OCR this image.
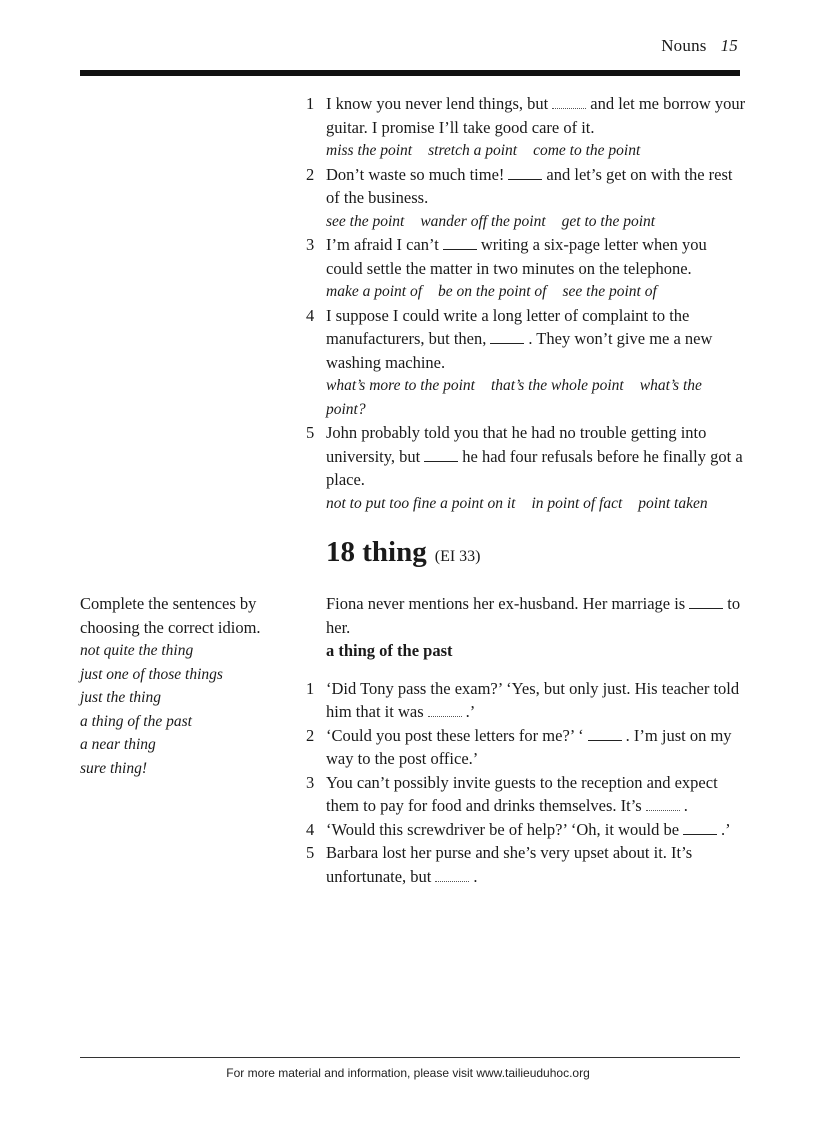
Nouns 15
1 I know you never lend things, but	and let me borrow your guitar. I promise I’ll take good care of it.
miss the point stretch a point come to the point
2 Don’t waste so much time!	and let’s get on with the rest of the business.
see the point wander off the point get to the point
3 I’m afraid I can’t	writing a six-page letter when you could settle the matter in two minutes on the telephone.
make a point of be on the point of see the point of
4 I suppose I could write a long letter of complaint to the manufacturers, but then,	. They won’t give me a new washing machine.
what’s more to the point that’s the whole point what’s the point?
5 John probably told you that he had no trouble getting into university, but	he had four refusals before he finally got a place.
not to put too fine a point on it in point of fact point taken
18 thing (EI 33)
Fiona never mentions her ex-husband. Her marriage is	to her.
a thing of the past
1 ‘Did Tony pass the exam?’ ‘Yes, but only just. His teacher told him that it was	.’
2 ‘Could you post these letters for me?’ ‘	. I’m just on my way to the post office.’
3 You can’t possibly invite guests to the reception and expect them to pay for food and drinks themselves. It’s	.
4 ‘Would this screwdriver be of help?’ ‘Oh, it would be	.’
5 Barbara lost her purse and she’s very upset about it. It’s unfortunate, but	.
Complete the sentences by choosing the correct idiom.
not quite the thing
just one of those things
just the thing
a thing of the past
a near thing
sure thing!
For more material and information, please visit www.tailieuduhoc.org
